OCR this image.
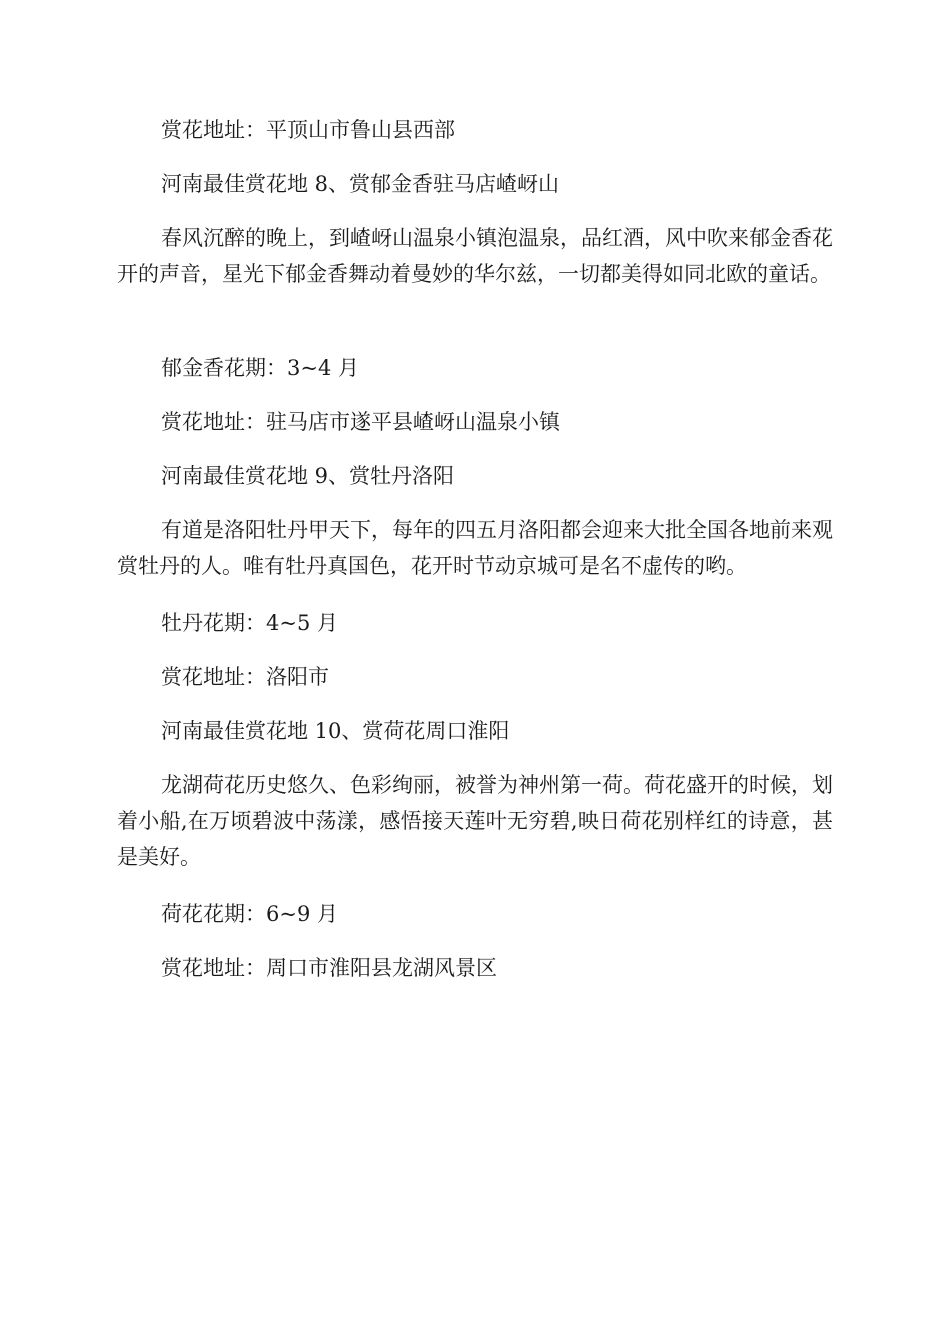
赏花地址：平顶山市鲁山县西部

河南最佳赏花地 8、赏郁金香驻马店嵖岈山

春风沉醉的晚上，到嵖岈山温泉小镇泡温泉，品红酒，风中吹来郁金香花开的声音，星光下郁金香舞动着曼妙的华尔兹，一切都美得如同北欧的童话。

郁金香花期：3~4 月

赏花地址：驻马店市遂平县嵖岈山温泉小镇

河南最佳赏花地 9、赏牡丹洛阳

有道是洛阳牡丹甲天下，每年的四五月洛阳都会迎来大批全国各地前来观赏牡丹的人。唯有牡丹真国色，花开时节动京城可是名不虚传的哟。

牡丹花期：4~5 月

赏花地址：洛阳市

河南最佳赏花地 10、赏荷花周口淮阳

龙湖荷花历史悠久、色彩绚丽，被誉为神州第一荷。荷花盛开的时候，划着小船,在万顷碧波中荡漾，感悟接天莲叶无穷碧,映日荷花别样红的诗意，甚是美好。

荷花花期：6~9 月

赏花地址：周口市淮阳县龙湖风景区
